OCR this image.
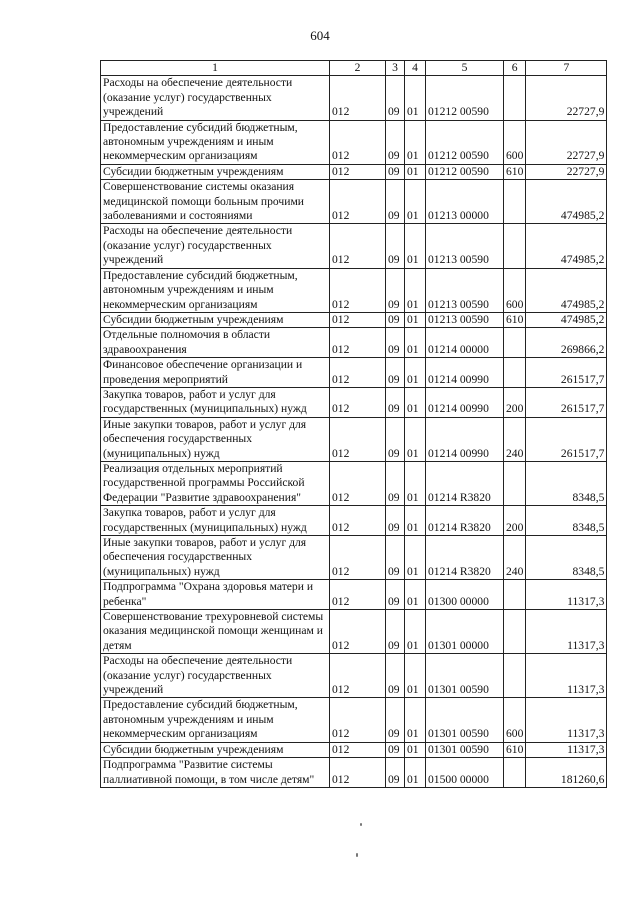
604
1	2	3	4	5	6	7
Расходы на обеспечение деятельности (оказание услуг) государственных учреждений	012	09	01	01212 00590		22727,9
Предоставление субсидий бюджетным, автономным учреждениям и иным некоммерческим организациям	012	09	01	01212 00590	600	22727,9
Субсидии бюджетным учреждениям	012	09	01	01212 00590	610	22727,9
Совершенствование системы оказания медицинской помощи больным прочими заболеваниями и состояниями	012	09	01	01213 00000		474985,2
Расходы на обеспечение деятельности (оказание услуг) государственных учреждений	012	09	01	01213 00590		474985,2
Предоставление субсидий бюджетным, автономным учреждениям и иным некоммерческим организациям	012	09	01	01213 00590	600	474985,2
Субсидии бюджетным учреждениям	012	09	01	01213 00590	610	474985,2
Отдельные полномочия в области здравоохранения	012	09	01	01214 00000		269866,2
Финансовое обеспечение организации и проведения мероприятий	012	09	01	01214 00990		261517,7
Закупка товаров, работ и услуг для государственных (муниципальных) нужд	012	09	01	01214 00990	200	261517,7
Иные закупки товаров, работ и услуг для обеспечения государственных (муниципальных) нужд	012	09	01	01214 00990	240	261517,7
Реализация отдельных мероприятий государственной программы Российской Федерации "Развитие здравоохранения"	012	09	01	01214 R3820		8348,5
Закупка товаров, работ и услуг для государственных (муниципальных) нужд	012	09	01	01214 R3820	200	8348,5
Иные закупки товаров, работ и услуг для обеспечения государственных (муниципальных) нужд	012	09	01	01214 R3820	240	8348,5
Подпрограмма "Охрана здоровья матери и ребенка"	012	09	01	01300 00000		11317,3
Совершенствование трехуровневой системы оказания медицинской помощи женщинам и детям	012	09	01	01301 00000		11317,3
Расходы на обеспечение деятельности (оказание услуг) государственных учреждений	012	09	01	01301 00590		11317,3
Предоставление субсидий бюджетным, автономным учреждениям и иным некоммерческим организациям	012	09	01	01301 00590	600	11317,3
Субсидии бюджетным учреждениям	012	09	01	01301 00590	610	11317,3
Подпрограмма "Развитие системы паллиативной помощи, в том числе детям"	012	09	01	01500 00000		181260,6
